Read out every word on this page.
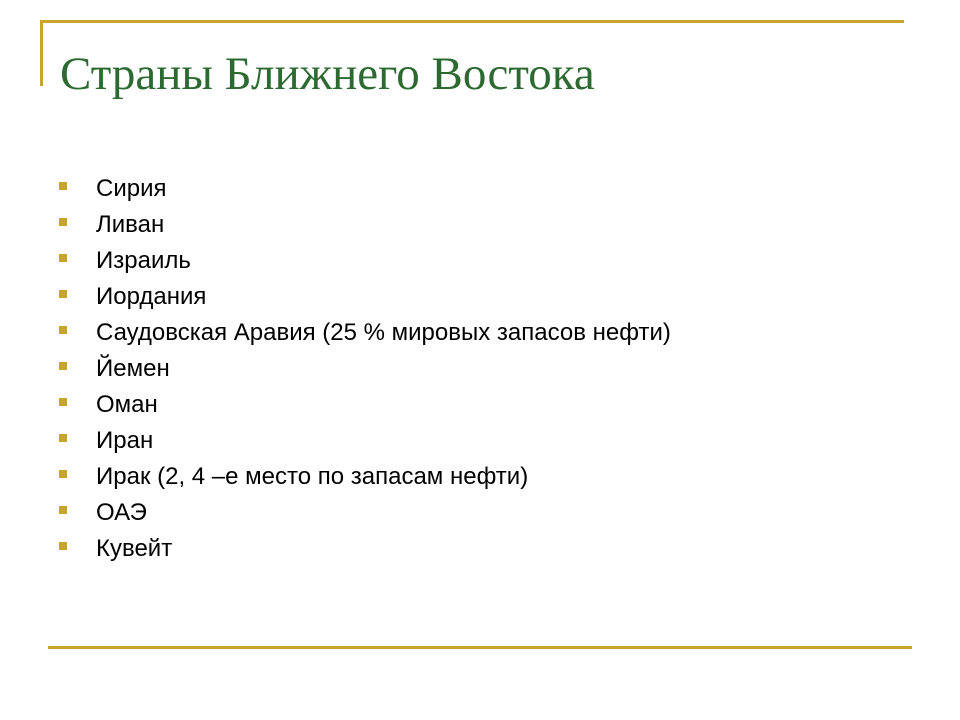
Страны Ближнего Востока
Сирия
Ливан
Израиль
Иордания
Саудовская Аравия (25 % мировых запасов нефти)
Йемен
Оман
Иран
Ирак (2, 4 –е место по запасам нефти)
ОАЭ
Кувейт
